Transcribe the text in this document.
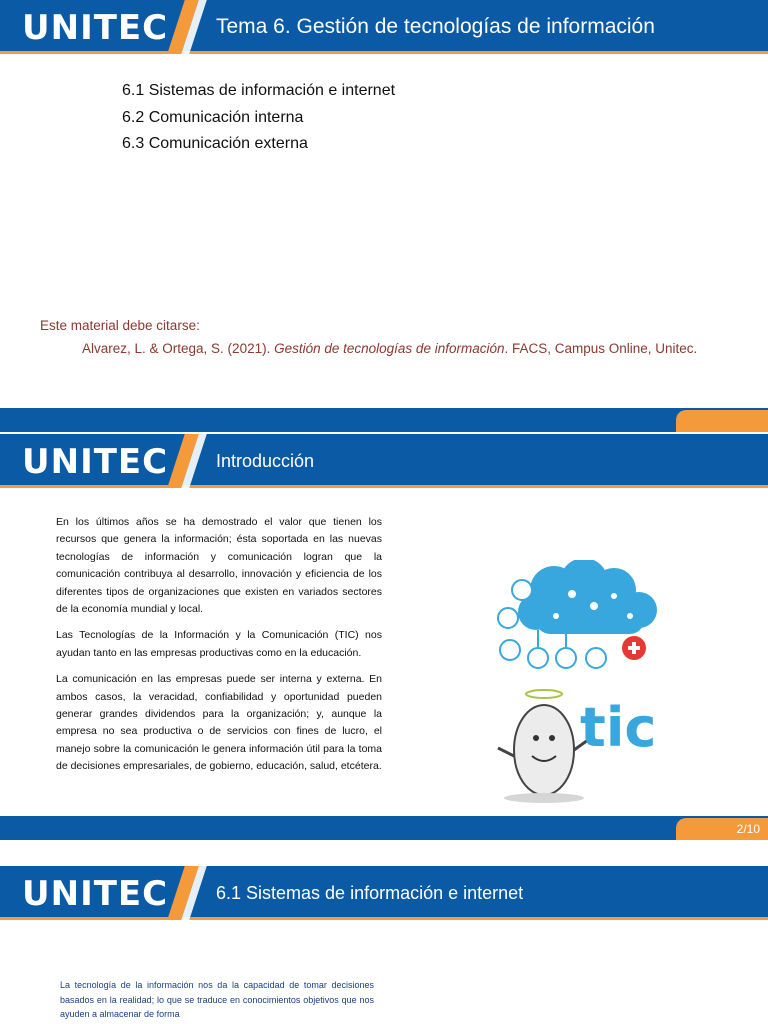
UNITEC Tema 6. Gestión de tecnologías de información
6.1 Sistemas de información e internet
6.2 Comunicación interna
6.3 Comunicación externa
Este material debe citarse:
Alvarez, L. & Ortega, S. (2021). Gestión de tecnologías de información. FACS, Campus Online, Unitec.
UNITEC	Introducción

En los últimos años se ha demostrado el valor que tienen los recursos que genera la información; ésta soportada en las nuevas tecnologías de información y comunicación logran que la comunicación contribuya al desarrollo, innovación y eficiencia de los diferentes tipos de organizaciones que existen en variados sectores de la economía mundial y local.

Las Tecnologías de la Información y la Comunicación (TIC) nos ayudan tanto en las empresas productivas como en la educación.

La comunicación en las empresas puede ser interna y externa. En ambos casos, la veracidad, confiabilidad y oportunidad pueden generar grandes dividendos para la organización; y, aunque la empresa no sea productiva o de servicios con fines de lucro, el manejo sobre la comunicación le genera información útil para la toma de decisiones empresariales, de gobierno, educación, salud, etcétera.

tic
2/10
UNITEC	6.1 Sistemas de información e internet
La tecnología de la información nos da la capacidad de tomar decisiones basados en la realidad; lo que se traduce en conocimientos objetivos que nos ayuden a almacenar de forma
